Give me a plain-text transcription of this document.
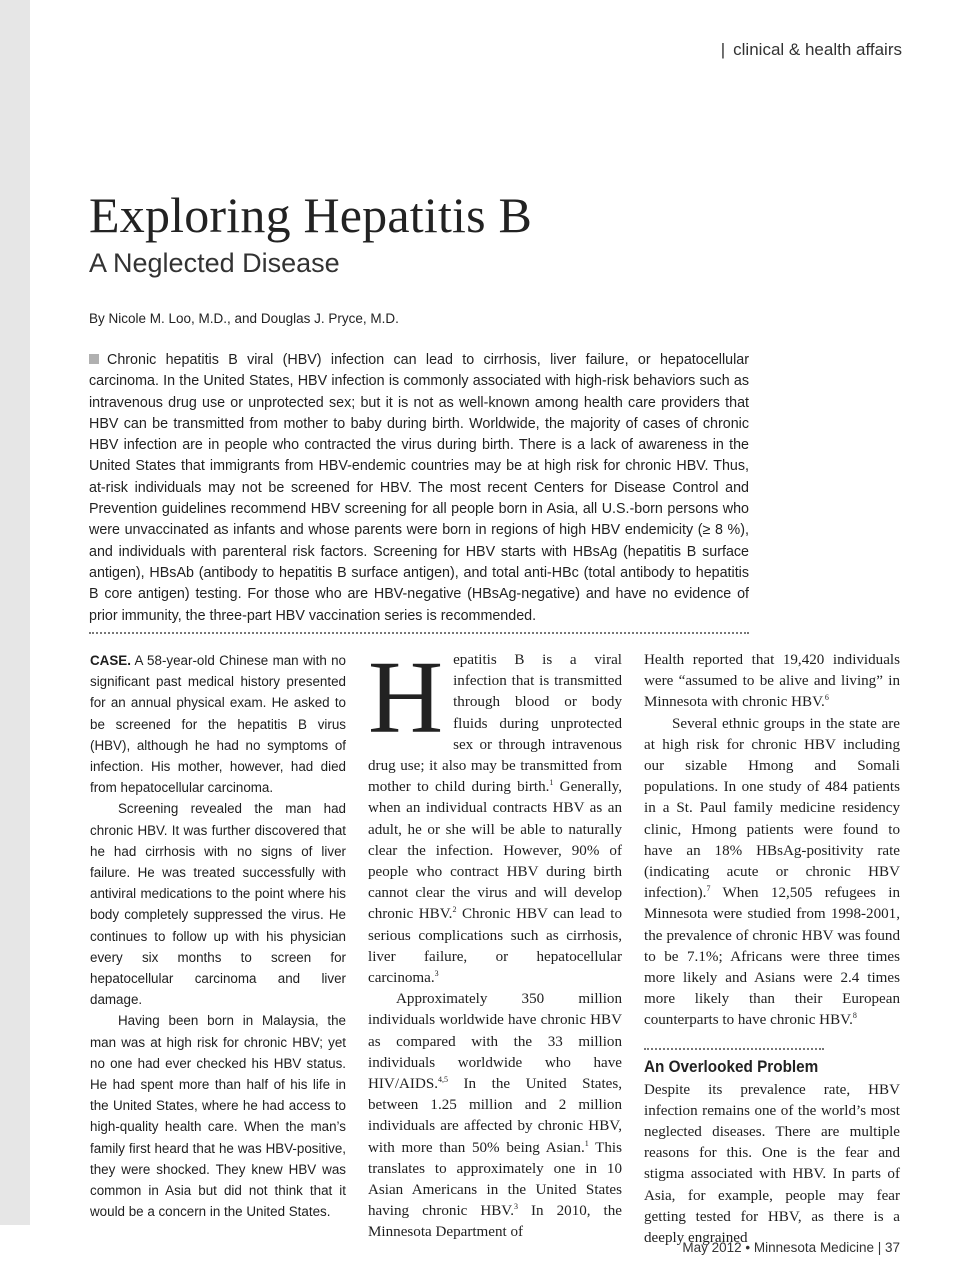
| clinical & health affairs
Exploring Hepatitis B
A Neglected Disease
By Nicole M. Loo, M.D., and Douglas J. Pryce, M.D.

Chronic hepatitis B viral (HBV) infection can lead to cirrhosis, liver failure, or hepatocellular carcinoma. In the United States, HBV infection is commonly associated with high-risk behaviors such as intravenous drug use or unprotected sex; but it is not as well-known among health care providers that HBV can be transmitted from mother to baby during birth. Worldwide, the majority of cases of chronic HBV infection are in people who contracted the virus during birth. There is a lack of awareness in the United States that immigrants from HBV-endemic countries may be at high risk for chronic HBV. Thus, at-risk individuals may not be screened for HBV. The most recent Centers for Disease Control and Prevention guidelines recommend HBV screening for all people born in Asia, all U.S.-born persons who were unvaccinated as infants and whose parents were born in regions of high HBV endemicity (≥ 8 %), and individuals with parenteral risk factors. Screening for HBV starts with HBsAg (hepatitis B surface antigen), HBsAb (antibody to hepatitis B surface antigen), and total anti-HBc (total antibody to hepatitis B core antigen) testing. For those who are HBV-negative (HBsAg-negative) and have no evidence of prior immunity, the three-part HBV vaccination series is recommended.

CASE. A 58-year-old Chinese man with no significant past medical history presented for an annual physical exam. He asked to be screened for the hepatitis B virus (HBV), although he had no symptoms of infection. His mother, however, had died from hepatocellular carcinoma.

Screening revealed the man had chronic HBV. It was further discovered that he had cirrhosis with no signs of liver failure. He was treated successfully with antiviral medications to the point where his body completely suppressed the virus. He continues to follow up with his physician every six months to screen for hepatocellular carcinoma and liver damage.

Having been born in Malaysia, the man was at high risk for chronic HBV; yet no one had ever checked his HBV status. He had spent more than half of his life in the United States, where he had access to high-quality health care. When the man’s family first heard that he was HBV-positive, they were shocked. They knew HBV was common in Asia but did not think that it would be a concern in the United States.

Hepatitis B is a viral infection that is transmitted through blood or body fluids during unprotected sex or through intravenous drug use; it also may be transmitted from mother to child during birth.$^1$ Generally, when an individual contracts HBV as an adult, he or she will be able to naturally clear the infection. However, 90% of people who contract HBV during birth cannot clear the virus and will develop chronic HBV.$^2$ Chronic HBV can lead to serious complications such as cirrhosis, liver failure, or hepatocellular carcinoma.$^3$

Approximately 350 million individuals worldwide have chronic HBV as compared with the 33 million individuals worldwide who have HIV/AIDS.$^{4,5}$ In the United States, between 1.25 million and 2 million individuals are affected by chronic HBV, with more than 50% being Asian.$^1$ This translates to approximately one in 10 Asian Americans in the United States having chronic HBV.$^3$ In 2010, the Minnesota Department of

Health reported that 19,420 individuals were “assumed to be alive and living” in Minnesota with chronic HBV.$^6$

Several ethnic groups in the state are at high risk for chronic HBV including our sizable Hmong and Somali populations. In one study of 484 patients in a St. Paul family medicine residency clinic, Hmong patients were found to have an 18% HBsAg-positivity rate (indicating acute or chronic HBV infection).$^7$ When 12,505 refugees in Minnesota were studied from 1998-2001, the prevalence of chronic HBV was found to be 7.1%; Africans were three times more likely and Asians were 2.4 times more likely than their European counterparts to have chronic HBV.$^8$

An Overlooked Problem

Despite its prevalence rate, HBV infection remains one of the world’s most neglected diseases. There are multiple reasons for this. One is the fear and stigma associated with HBV. In parts of Asia, for example, people may fear getting tested for HBV, as there is a deeply engrained

May 2012 • Minnesota Medicine | 37
